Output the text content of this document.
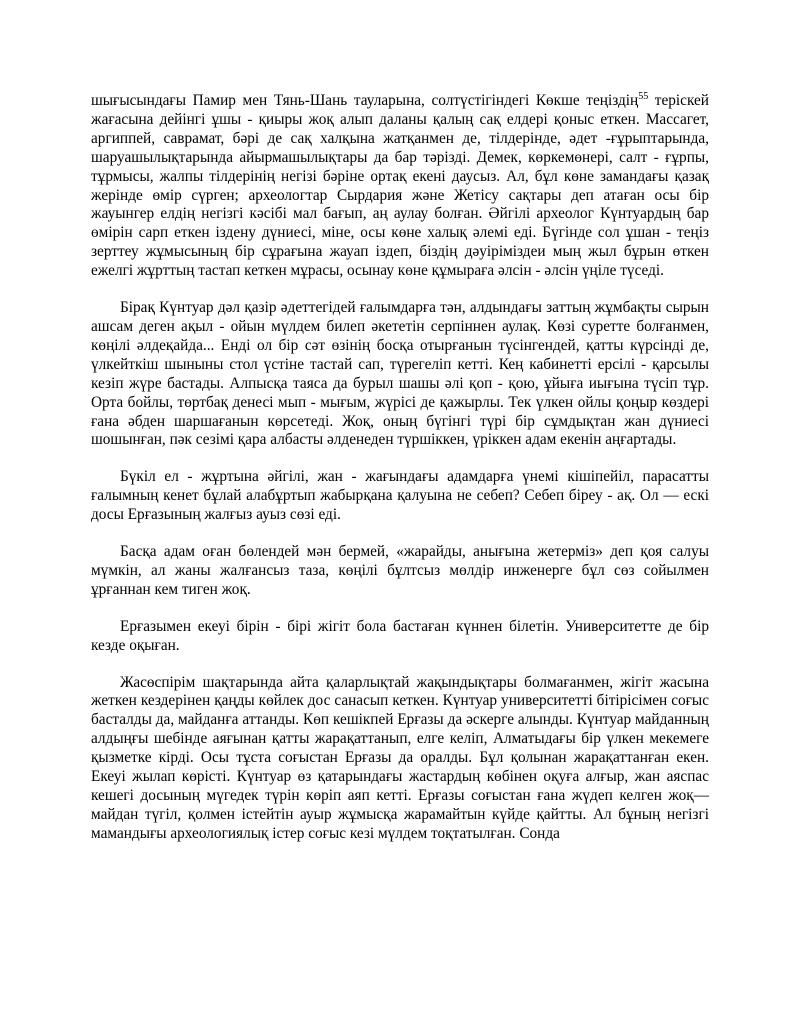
шығысындағы Памир мен Тянь-Шань тауларына, солтүстігіндегі Көкше теңіздің$^{55}$ теріскей жағасына дейінгі ұшы - қиыры жоқ алып даланы қалың сақ елдері қоныс еткен. Массагет, аргиппей, саврамат, бәрі де сақ халқына жатқанмен де, тілдерінде, әдет -ғұрыптарында, шаруашылықтарында айырмашылықтары да бар тәрізді. Демек, көркемөнері, салт - ғұрпы, тұрмысы, жалпы тілдерінің негізі бәріне ортақ екені даусыз. Ал, бұл көне замандағы қазақ жерінде өмір сүрген; археологтар Сырдария және Жетісу сақтары деп атаған осы бір жауынгер елдің негізгі кәсібі мал бағып, аң аулау болған. Әйгілі археолог Күнтуардың бар өмірін сарп еткен іздену дүниесі, міне, осы көне халық әлемі еді. Бүгінде сол ұшан - теңіз зерттеу жұмысының бір сұрағына жауап іздеп, біздің дәуіріміздеи мың жыл бұрын өткен ежелгі жұрттың тастап кеткен мұрасы, осынау көне құмыраға әлсін - әлсін үңіле түседі.

Бірақ Күнтуар дәл қазір әдеттегідей ғалымдарға тән, алдындағы заттың жұмбақты сырын ашсам деген ақыл - ойын мүлдем билеп әкететін серпіннен аулақ. Көзі суретте болғанмен, көңілі әлдеқайда... Енді ол бір сәт өзінің босқа отырғанын түсінгендей, қатты күрсінді де, үлкейткіш шыныны стол үстіне тастай сап, түрегеліп кетті. Кең кабинетті ерсілі - қарсылы кезіп жүре бастады. Алпысқа таяса да бурыл шашы әлі қоп - қою, ұйыға иығына түсіп тұр. Орта бойлы, төртбақ денесі мып - мығым, жүрісі де қажырлы. Тек үлкен ойлы қоңыр көздері ғана әбден шаршағанын көрсетеді. Жоқ, оның бүгінгі түрі бір сұмдықтан жан дүниесі шошынған, пәк сезімі қара албасты әлденеден түршіккен, үріккен адам екенін аңғартады.

Бүкіл ел - жұртына әйгілі, жан - жағындағы адамдарға үнемі кішіпейіл, парасатты ғалымның кенет бұлай алабұртып жабырқана қалуына не себеп? Себеп біреу - ақ. Ол — ескі досы Ерғазының жалғыз ауыз сөзі еді.

Басқа адам оған бөлендей мән бермей, «жарайды, анығына жетерміз» деп қоя салуы мүмкін, ал жаны жалғансыз таза, көңілі бұлтсыз мөлдір инженерге бұл сөз сойылмен ұрғаннан кем тиген жоқ.

Ерғазымен екеуі бірін - бірі жігіт бола бастаған күннен білетін. Университетте де бір кезде оқыған.

Жасөспірім шақтарында айта қаларлықтай жақындықтары болмағанмен, жігіт жасына жеткен кездерінен қаңды көйлек дос санасып кеткен. Күнтуар университетті бітірісімен соғыс басталды да, майданға аттанды. Көп кешікпей Ерғазы да әскерге алынды. Күнтуар майданның алдыңғы шебінде аяғынан қатты жарақаттанып, елге келіп, Алматыдағы бір үлкен мекемеге қызметке кірді. Осы тұста соғыстан Ерғазы да оралды. Бұл қолынан жарақаттанған екен. Екеуі жылап көрісті. Күнтуар өз қатарындағы жастардың көбінен оқуға алғыр, жан аяспас кешегі досының мүгедек түрін көріп аяп кетті. Ерғазы соғыстан ғана жүдеп келген жоқ—майдан түгіл, қолмен істейтін ауыр жұмысқа жарамайтын күйде қайтты. Ал бұның негізгі мамандығы археологиялық істер соғыс кезі мүлдем тоқтатылған. Сонда
